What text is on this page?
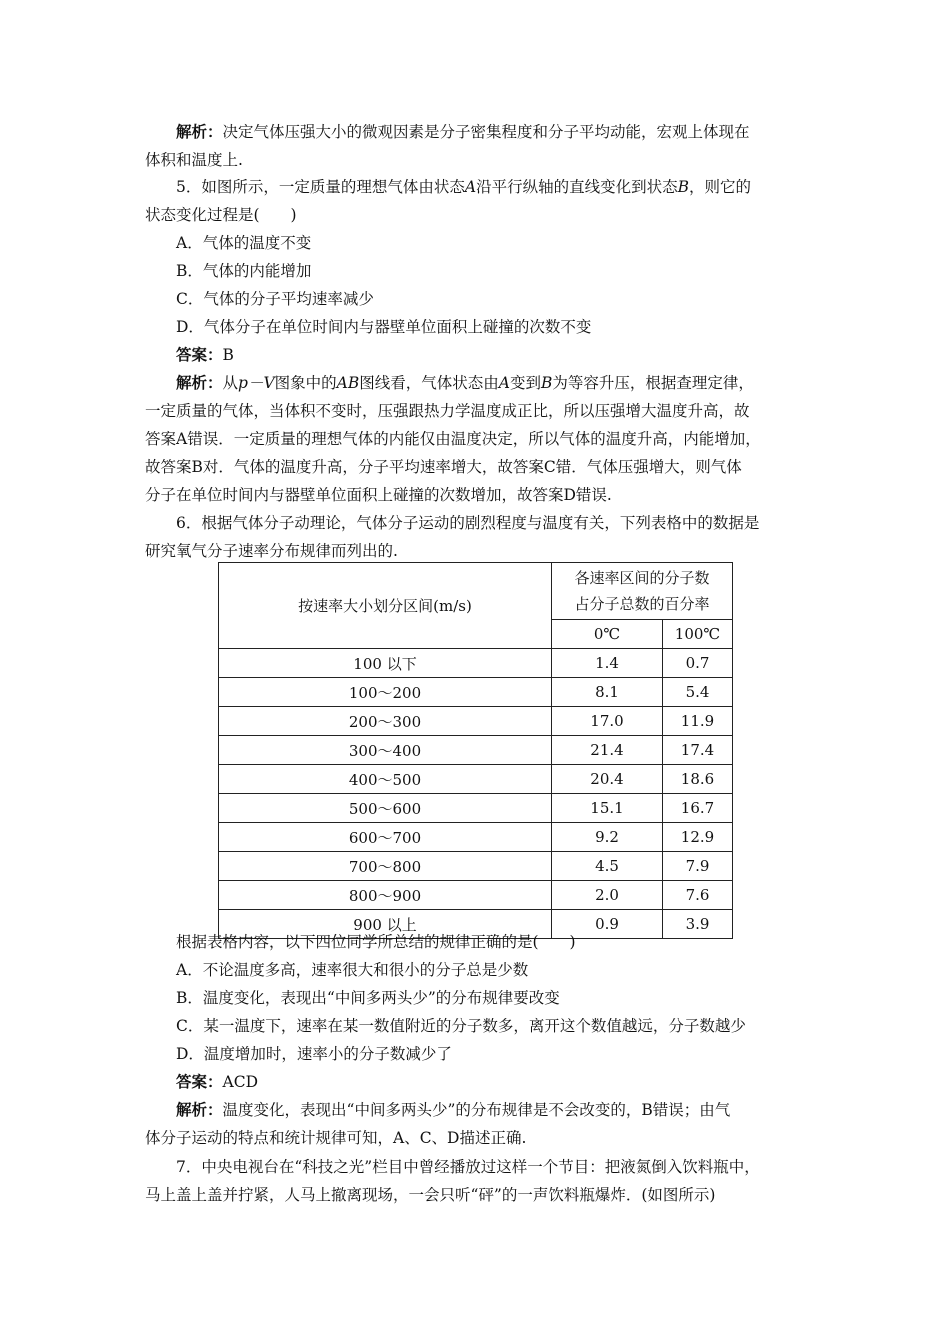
解析：决定气体压强大小的微观因素是分子密集程度和分子平均动能，宏观上体现在
体积和温度上.
5．如图所示，一定质量的理想气体由状态A沿平行纵轴的直线变化到状态B，则它的
状态变化过程是(　　)
A．气体的温度不变
B．气体的内能增加
C．气体的分子平均速率减少
D．气体分子在单位时间内与器壁单位面积上碰撞的次数不变
答案：B
解析：从p－V图象中的AB图线看，气体状态由A变到B为等容升压，根据查理定律，
一定质量的气体，当体积不变时，压强跟热力学温度成正比，所以压强增大温度升高，故
答案A错误．一定质量的理想气体的内能仅由温度决定，所以气体的温度升高，内能增加，
故答案B对．气体的温度升高，分子平均速率增大，故答案C错．气体压强增大，则气体
分子在单位时间内与器壁单位面积上碰撞的次数增加，故答案D错误.
6．根据气体分子动理论，气体分子运动的剧烈程度与温度有关，下列表格中的数据是
研究氧气分子速率分布规律而列出的.
按速率大小划分区间(m/s)	各速率区间的分子数
占分子总数的百分率	
	0℃	100℃
100 以下	1.4	0.7
100～200	8.1	5.4
200～300	17.0	11.9
300～400	21.4	17.4
400～500	20.4	18.6
500～600	15.1	16.7
600～700	9.2	12.9
700～800	4.5	7.9
800～900	2.0	7.6
900 以上	0.9	3.9
根据表格内容，以下四位同学所总结的规律正确的是(　　)
A．不论温度多高，速率很大和很小的分子总是少数
B．温度变化，表现出“中间多两头少”的分布规律要改变
C．某一温度下，速率在某一数值附近的分子数多，离开这个数值越远，分子数越少
D．温度增加时，速率小的分子数减少了
答案：ACD
解析：温度变化，表现出“中间多两头少”的分布规律是不会改变的，B错误；由气
体分子运动的特点和统计规律可知，A、C、D描述正确.
7．中央电视台在“科技之光”栏目中曾经播放过这样一个节目：把液氮倒入饮料瓶中，
马上盖上盖并拧紧，人马上撤离现场，一会只听“砰”的一声饮料瓶爆炸．(如图所示)
